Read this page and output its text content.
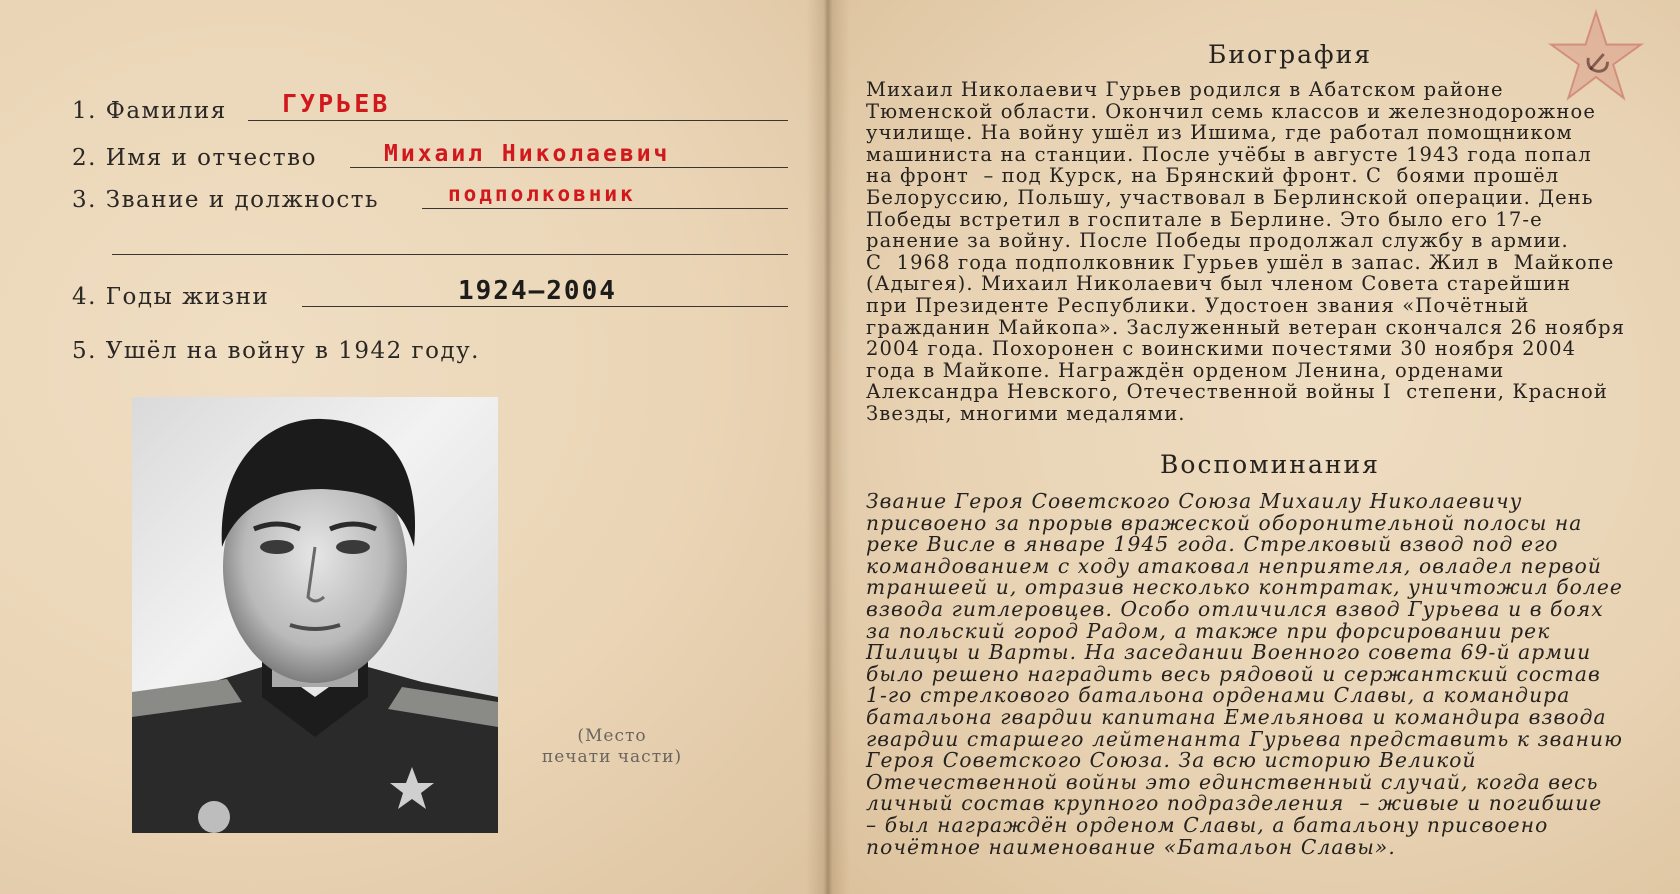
1. Фамилия ГУРЬЕВ
2. Имя и отчество	Михаил Николаевич
3. Звание и должность	подполковник
4. Годы жизни	1924—2004
5. Ушёл на войну в 1942 году.
(Место
печати части)
Биография
Михаил Николаевич Гурьев родился в Абатском районе
Тюменской области. Окончил семь классов и железнодорожное
училище. На войну ушёл из Ишима, где работал помощником
машиниста на станции. После учёбы в августе 1943 года попал
на фронт  – под Курск, на Брянский фронт. С  боями прошёл
Белоруссию, Польшу, участвовал в Берлинской операции. День
Победы встретил в госпитале в Берлине. Это было его 17-е
ранение за войну. После Победы продолжал службу в армии.
С  1968 года подполковник Гурьев ушёл в запас. Жил в  Майкопе
(Адыгея). Михаил Николаевич был членом Совета старейшин
при Президенте Республики. Удостоен звания «Почётный
гражданин Майкопа». Заслуженный ветеран скончался 26 ноября
2004 года. Похоронен с воинскими почестями 30 ноября 2004
года в Майкопе. Награждён орденом Ленина, орденами
Александра Невского, Отечественной войны I  степени, Красной
Звезды, многими медалями.
Воспоминания
Звание Героя Советского Союза Михаилу Николаевичу
присвоено за прорыв вражеской оборонительной полосы на
реке Висле в январе 1945 года. Стрелковый взвод под его
командованием с ходу атаковал неприятеля, овладел первой
траншеей и, отразив несколько контратак, уничтожил более
взвода гитлеровцев. Особо отличился взвод Гурьева и в боях
за польский город Радом, а также при форсировании рек
Пилицы и Варты. На заседании Военного совета 69-й армии
было решено наградить весь рядовой и сержантский состав
1-го стрелкового батальона орденами Славы, а командира
батальона гвардии капитана Емельянова и командира взвода
гвардии старшего лейтенанта Гурьева представить к званию
Героя Советского Союза. За всю историю Великой
Отечественной войны это единственный случай, когда весь
личный состав крупного подразделения  – живые и погибшие
– был награждён орденом Славы, а батальону присвоено
почётное наименование «Батальон Славы».
